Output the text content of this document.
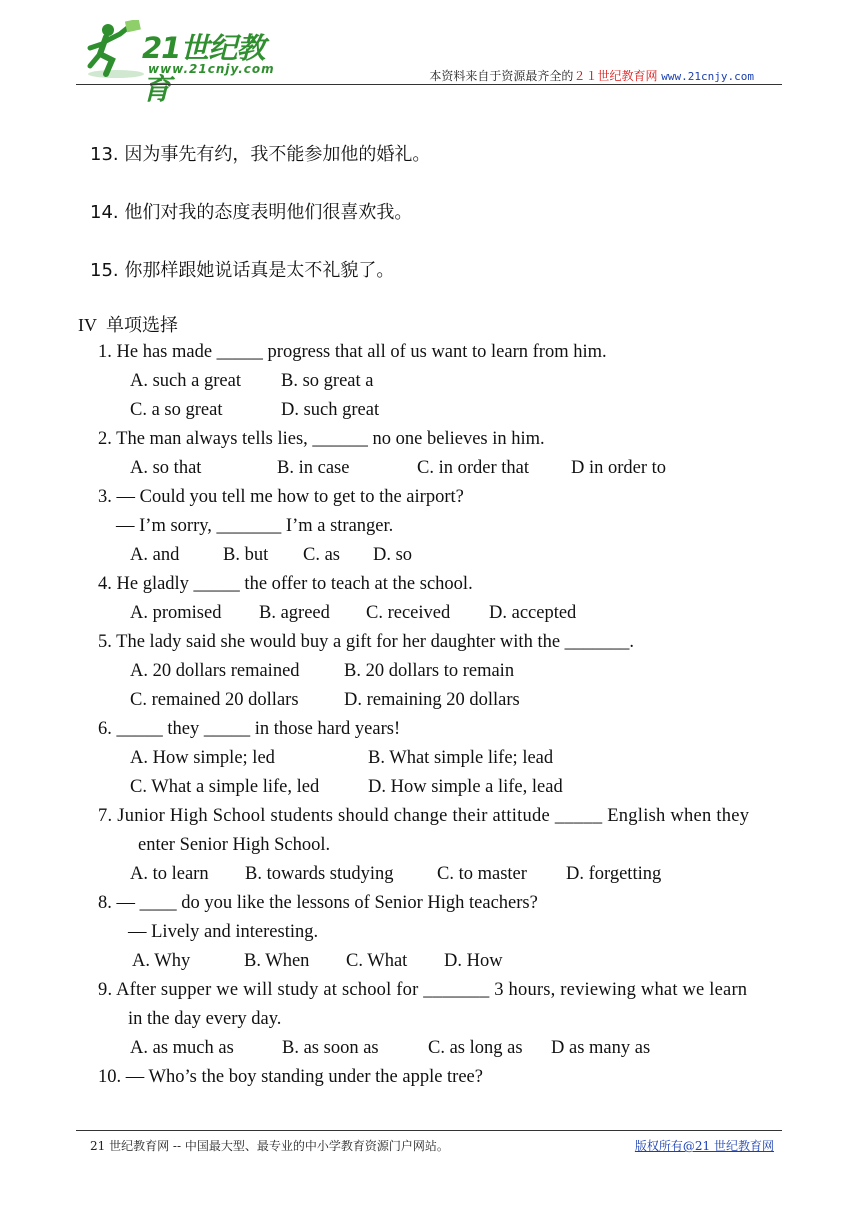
21世纪教育
www.21cnjy.com	本资料来自于资源最齐全的２１世纪教育网 www.21cnjy.com
13. 因为事先有约，我不能参加他的婚礼。
14. 他们对我的态度表明他们很喜欢我。
15. 你那样跟她说话真是太不礼貌了。
IV 单项选择
1. He has made _____ progress that all of us want to learn from him.
A. such a great B. so great a
C. a so great	D. such great
2. The man always tells lies, ______ no one believes in him.
A. so that	B. in case	C. in order that D in order to
3. — Could you tell me how to get to the airport?
— I’m sorry, _______ I’m a stranger.
A. and B. but C. as D. so
4. He gladly _____ the offer to teach at the school.
A. promised B. agreed C. received D. accepted
5. The lady said she would buy a gift for her daughter with the _______.
A. 20 dollars remained B. 20 dollars to remain
C. remained 20 dollars D. remaining 20 dollars
6. _____ they _____ in those hard years!
A. How simple; led	B. What simple life; lead
C. What a simple life, led	D. How simple a life, lead
7. Junior High School students should change their attitude _____ English when they
enter Senior High School.
A. to learn B. towards studying C. to master D. forgetting
8. — ____ do you like the lessons of Senior High teachers?
— Lively and interesting.
A. Why	B. When C. What D. How
9. After supper we will study at school for _______ 3 hours, reviewing what we learn
in the day every day.
A. as much as	B. as soon as	C. as long as D as many as
10. — Who’s the boy standing under the apple tree?
21 世纪教育网 -- 中国最大型、最专业的中小学教育资源门户网站。	版权所有@21 世纪教育网
